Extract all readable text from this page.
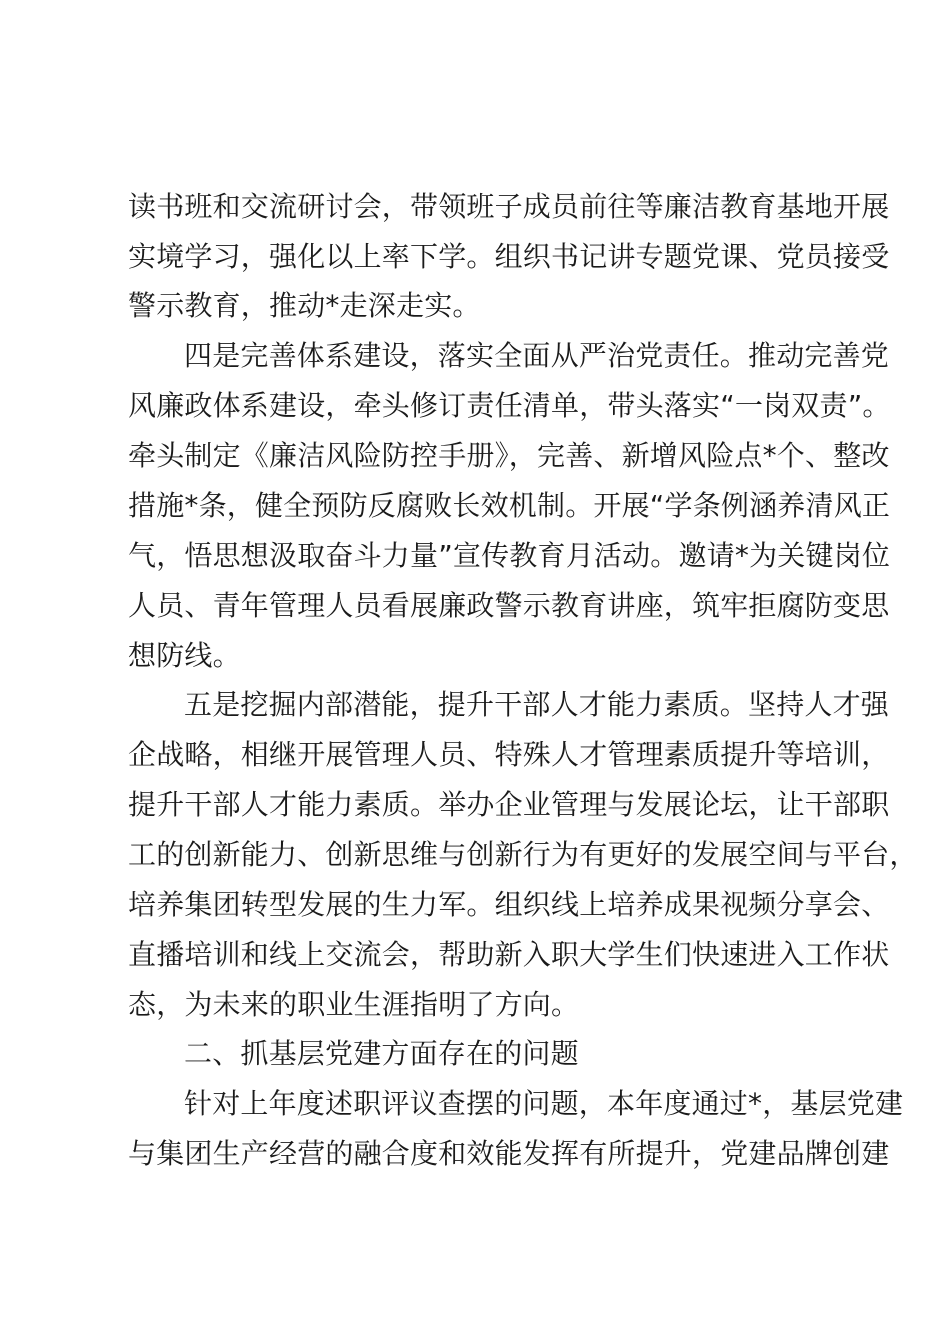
读书班和交流研讨会，带领班子成员前往等廉洁教育基地开展
实境学习，强化以上率下学。组织书记讲专题党课、党员接受
警示教育，推动*走深走实。
四是完善体系建设，落实全面从严治党责任。推动完善党
风廉政体系建设，牵头修订责任清单，带头落实“一岗双责”。
牵头制定《廉洁风险防控手册》，完善、新增风险点*个、整改
措施*条，健全预防反腐败长效机制。开展“学条例涵养清风正
气，悟思想汲取奋斗力量”宣传教育月活动。邀请*为关键岗位
人员、青年管理人员看展廉政警示教育讲座，筑牢拒腐防变思
想防线。
五是挖掘内部潜能，提升干部人才能力素质。坚持人才强
企战略，相继开展管理人员、特殊人才管理素质提升等培训，
提升干部人才能力素质。举办企业管理与发展论坛，让干部职
工的创新能力、创新思维与创新行为有更好的发展空间与平台，
培养集团转型发展的生力军。组织线上培养成果视频分享会、
直播培训和线上交流会，帮助新入职大学生们快速进入工作状
态，为未来的职业生涯指明了方向。
二、抓基层党建方面存在的问题
针对上年度述职评议查摆的问题，本年度通过*，基层党建
与集团生产经营的融合度和效能发挥有所提升，党建品牌创建
